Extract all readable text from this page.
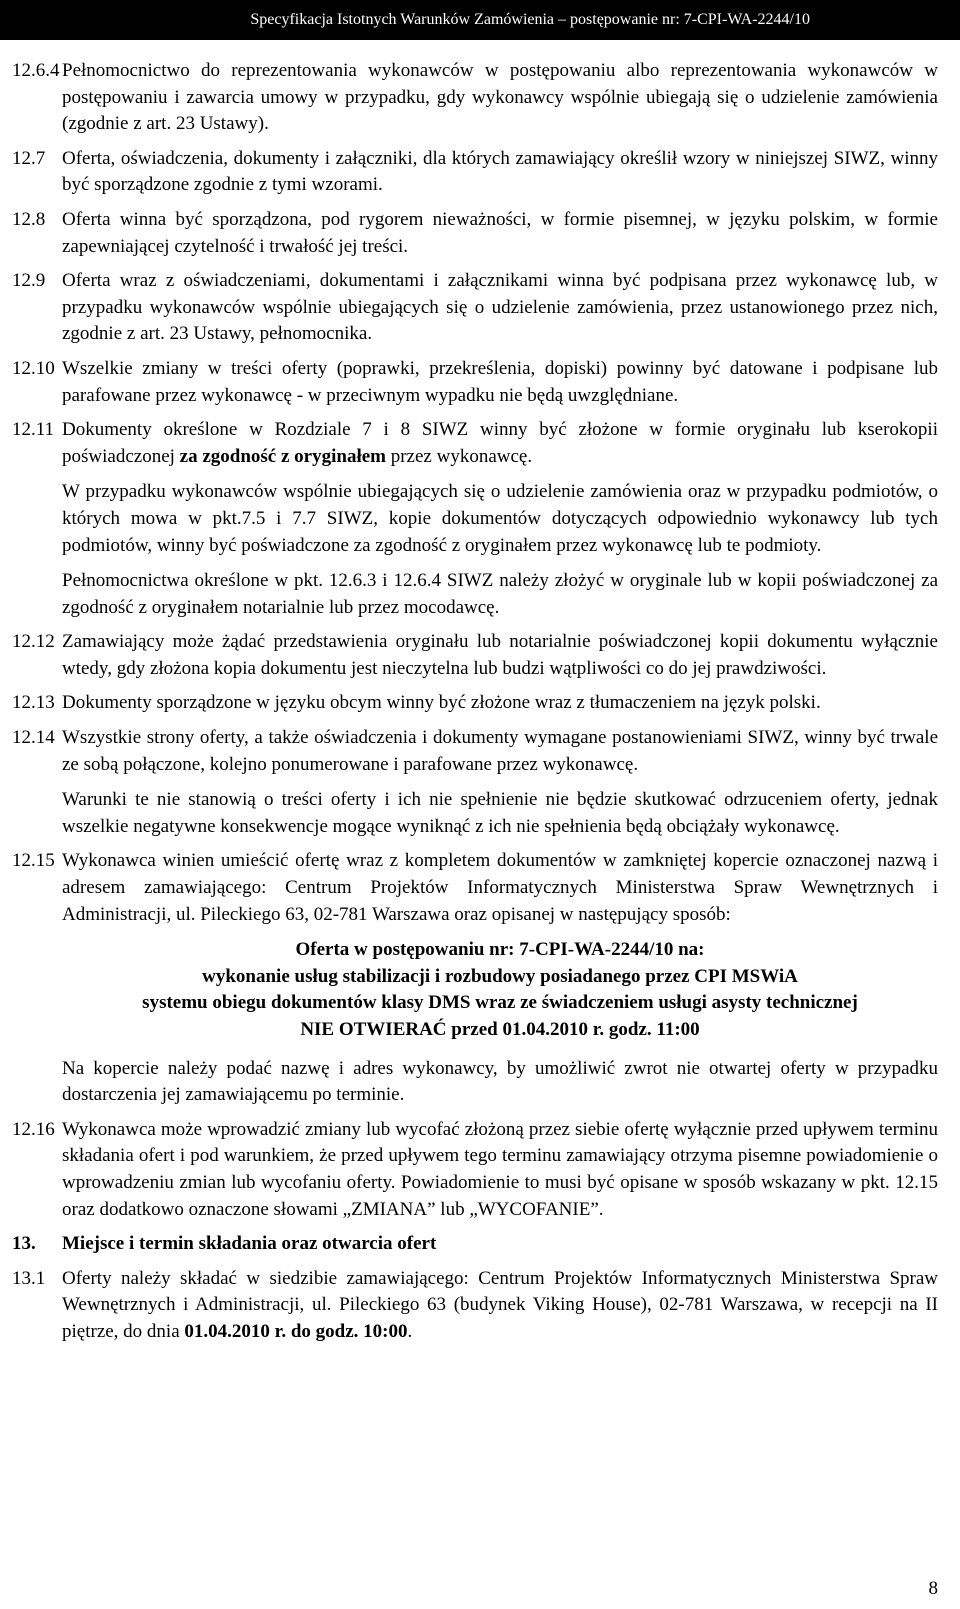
Specyfikacja Istotnych Warunków Zamówienia – postępowanie nr: 7-CPI-WA-2244/10
12.6.4 Pełnomocnictwo do reprezentowania wykonawców w postępowaniu albo reprezentowania wykonawców w postępowaniu i zawarcia umowy w przypadku, gdy wykonawcy wspólnie ubiegają się o udzielenie zamówienia (zgodnie z art. 23 Ustawy).

12.7 Oferta, oświadczenia, dokumenty i załączniki, dla których zamawiający określił wzory w niniejszej SIWZ, winny być sporządzone zgodnie z tymi wzorami.

12.8 Oferta winna być sporządzona, pod rygorem nieważności, w formie pisemnej, w języku polskim, w formie zapewniającej czytelność i trwałość jej treści.

12.9 Oferta wraz z oświadczeniami, dokumentami i załącznikami winna być podpisana przez wykonawcę lub, w przypadku wykonawców wspólnie ubiegających się o udzielenie zamówienia, przez ustanowionego przez nich, zgodnie z art. 23 Ustawy, pełnomocnika.

12.10 Wszelkie zmiany w treści oferty (poprawki, przekreślenia, dopiski) powinny być datowane i podpisane lub parafowane przez wykonawcę - w przeciwnym wypadku nie będą uwzględniane.

12.11 Dokumenty określone w Rozdziale 7 i 8 SIWZ winny być złożone w formie oryginału lub kserokopii poświadczonej za zgodność z oryginałem przez wykonawcę.

W przypadku wykonawców wspólnie ubiegających się o udzielenie zamówienia oraz w przypadku podmiotów, o których mowa w pkt.7.5 i 7.7 SIWZ, kopie dokumentów dotyczących odpowiednio wykonawcy lub tych podmiotów, winny być poświadczone za zgodność z oryginałem przez wykonawcę lub te podmioty.

Pełnomocnictwa określone w pkt. 12.6.3 i 12.6.4 SIWZ należy złożyć w oryginale lub w kopii poświadczonej za zgodność z oryginałem notarialnie lub przez mocodawcę.

12.12 Zamawiający może żądać przedstawienia oryginału lub notarialnie poświadczonej kopii dokumentu wyłącznie wtedy, gdy złożona kopia dokumentu jest nieczytelna lub budzi wątpliwości co do jej prawdziwości.

12.13 Dokumenty sporządzone w języku obcym winny być złożone wraz z tłumaczeniem na język polski.

12.14 Wszystkie strony oferty, a także oświadczenia i dokumenty wymagane postanowieniami SIWZ, winny być trwale ze sobą połączone, kolejno ponumerowane i parafowane przez wykonawcę.

Warunki te nie stanowią o treści oferty i ich nie spełnienie nie będzie skutkować odrzuceniem oferty, jednak wszelkie negatywne konsekwencje mogące wyniknąć z ich nie spełnienia będą obciążały wykonawcę.

12.15 Wykonawca winien umieścić ofertę wraz z kompletem dokumentów w zamkniętej kopercie oznaczonej nazwą i adresem zamawiającego: Centrum Projektów Informatycznych Ministerstwa Spraw Wewnętrznych i Administracji, ul. Pileckiego 63, 02-781 Warszawa oraz opisanej w następujący sposób:

Oferta w postępowaniu nr: 7-CPI-WA-2244/10 na:
wykonanie usług stabilizacji i rozbudowy posiadanego przez CPI MSWiA
systemu obiegu dokumentów klasy DMS wraz ze świadczeniem usługi asysty technicznej
NIE OTWIERAĆ przed 01.04.2010 r. godz. 11:00

Na kopercie należy podać nazwę i adres wykonawcy, by umożliwić zwrot nie otwartej oferty w przypadku dostarczenia jej zamawiającemu po terminie.

12.16 Wykonawca może wprowadzić zmiany lub wycofać złożoną przez siebie ofertę wyłącznie przed upływem terminu składania ofert i pod warunkiem, że przed upływem tego terminu zamawiający otrzyma pisemne powiadomienie o wprowadzeniu zmian lub wycofaniu oferty. Powiadomienie to musi być opisane w sposób wskazany w pkt. 12.15 oraz dodatkowo oznaczone słowami „ZMIANA” lub „WYCOFANIE”.

13.	Miejsce i termin składania oraz otwarcia ofert
13.1 Oferty należy składać w siedzibie zamawiającego: Centrum Projektów Informatycznych Ministerstwa Spraw Wewnętrznych i Administracji, ul. Pileckiego 63 (budynek Viking House), 02-781 Warszawa, w recepcji na II piętrze, do dnia 01.04.2010 r. do godz. 10:00.

8
